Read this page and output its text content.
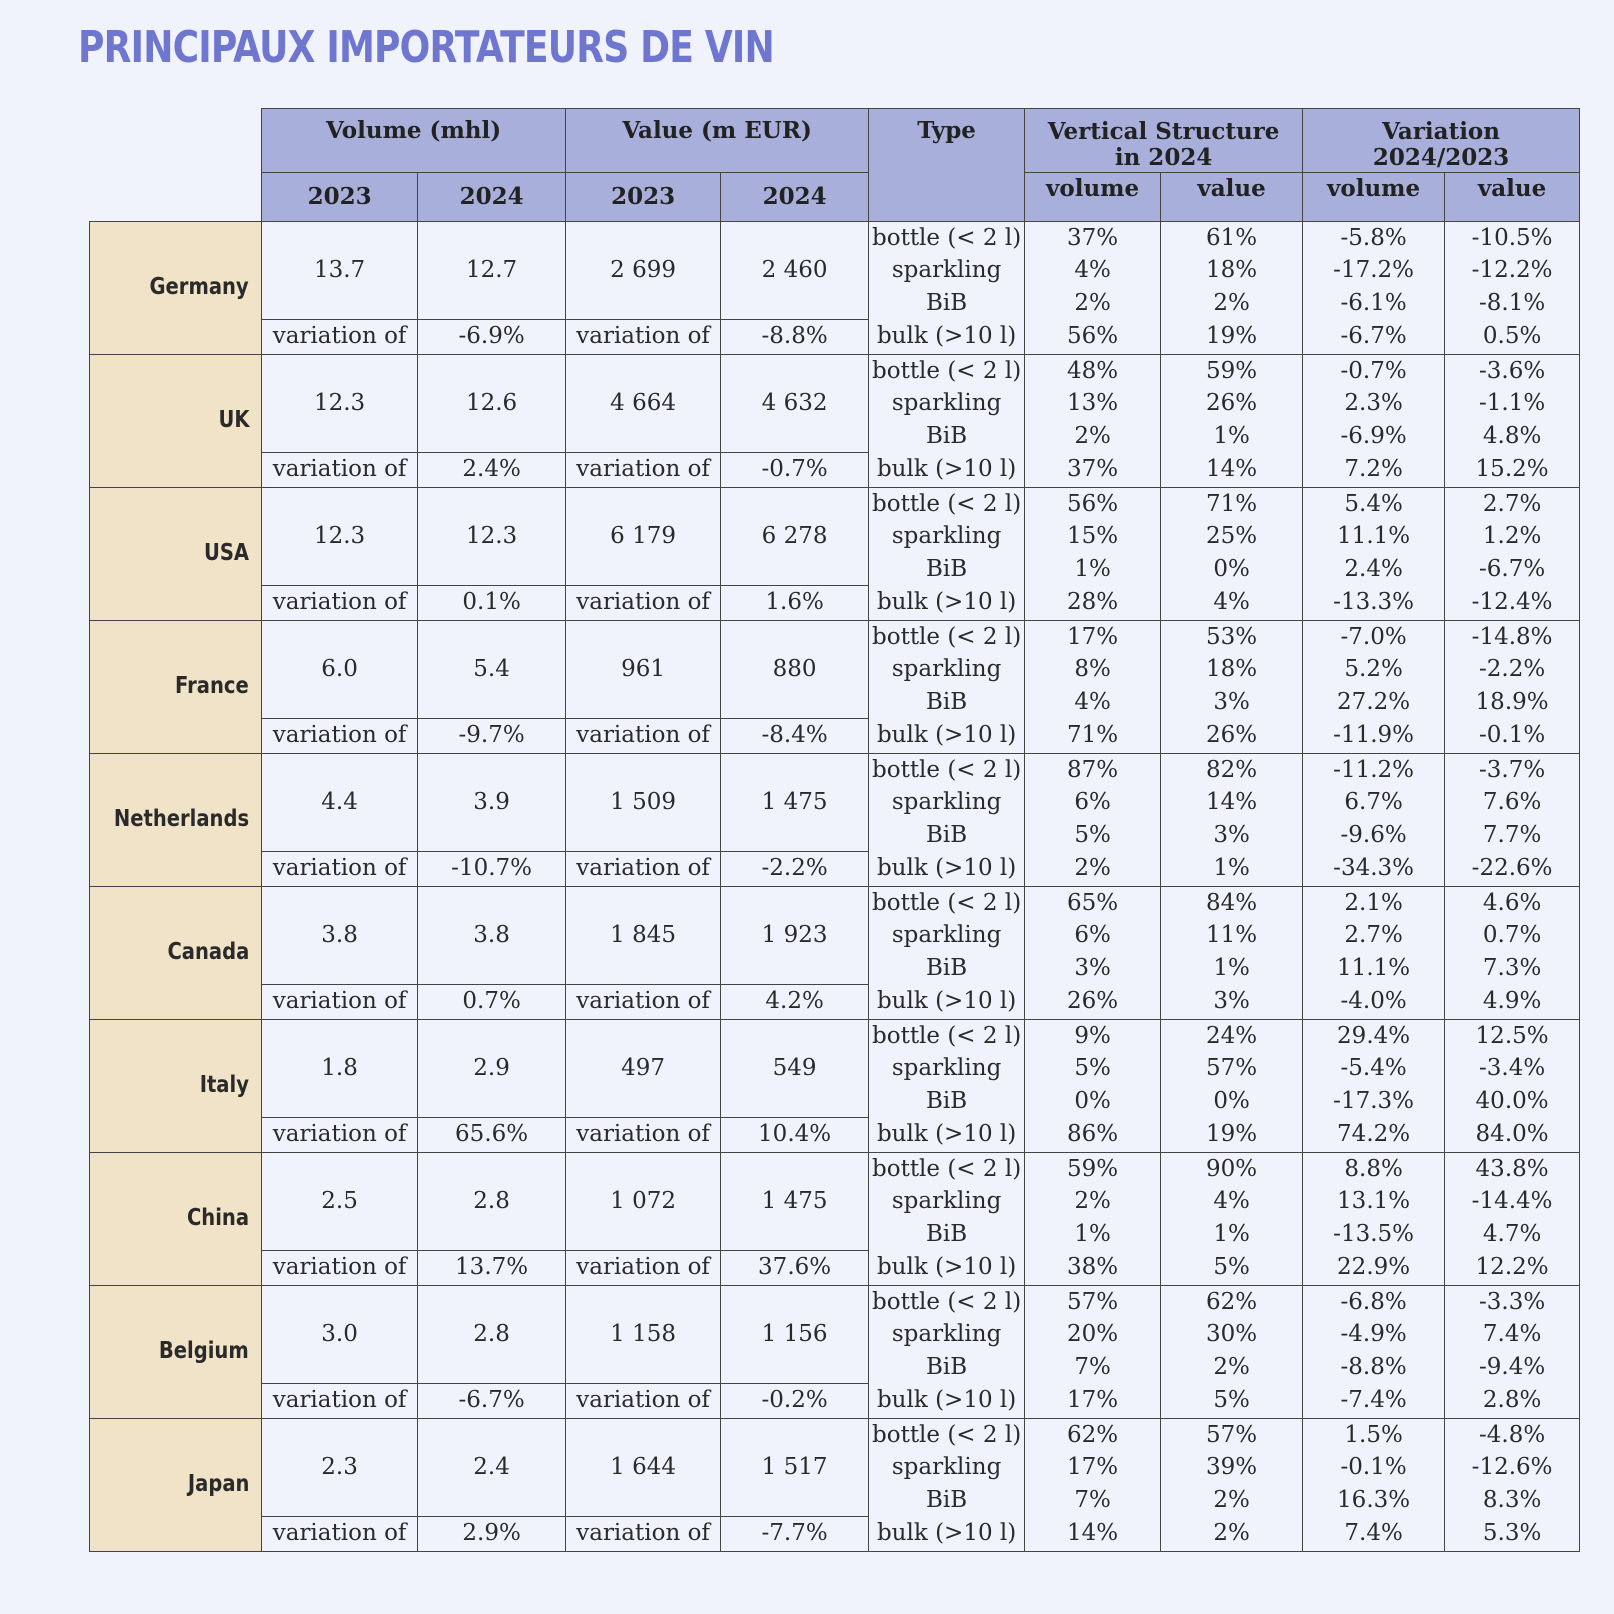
PRINCIPAUX IMPORTATEURS DE VIN
	Volume (mhl)		Value (m EUR)		Type	Vertical Structure in 2024		Variation 2024/2023	
	2023	2024	2023	2024		volume	value	volume	value
Germany	13.7	12.7	2 699	2 460	bottle (< 2 l)	37%	61%	-5.8%	-10.5%
					sparkling	4%	18%	-17.2%	-12.2%
					BiB	2%	2%	-6.1%	-8.1%
	variation of	-6.9%	variation of	-8.8%	bulk (>10 l)	56%	19%	-6.7%	0.5%
UK	12.3	12.6	4 664	4 632	bottle (< 2 l)	48%	59%	-0.7%	-3.6%
					sparkling	13%	26%	2.3%	-1.1%
					BiB	2%	1%	-6.9%	4.8%
	variation of	2.4%	variation of	-0.7%	bulk (>10 l)	37%	14%	7.2%	15.2%
USA	12.3	12.3	6 179	6 278	bottle (< 2 l)	56%	71%	5.4%	2.7%
					sparkling	15%	25%	11.1%	1.2%
					BiB	1%	0%	2.4%	-6.7%
	variation of	0.1%	variation of	1.6%	bulk (>10 l)	28%	4%	-13.3%	-12.4%
France	6.0	5.4	961	880	bottle (< 2 l)	17%	53%	-7.0%	-14.8%
					sparkling	8%	18%	5.2%	-2.2%
					BiB	4%	3%	27.2%	18.9%
	variation of	-9.7%	variation of	-8.4%	bulk (>10 l)	71%	26%	-11.9%	-0.1%
Netherlands	4.4	3.9	1 509	1 475	bottle (< 2 l)	87%	82%	-11.2%	-3.7%
					sparkling	6%	14%	6.7%	7.6%
					BiB	5%	3%	-9.6%	7.7%
	variation of	-10.7%	variation of	-2.2%	bulk (>10 l)	2%	1%	-34.3%	-22.6%
Canada	3.8	3.8	1 845	1 923	bottle (< 2 l)	65%	84%	2.1%	4.6%
					sparkling	6%	11%	2.7%	0.7%
					BiB	3%	1%	11.1%	7.3%
	variation of	0.7%	variation of	4.2%	bulk (>10 l)	26%	3%	-4.0%	4.9%
Italy	1.8	2.9	497	549	bottle (< 2 l)	9%	24%	29.4%	12.5%
					sparkling	5%	57%	-5.4%	-3.4%
					BiB	0%	0%	-17.3%	40.0%
	variation of	65.6%	variation of	10.4%	bulk (>10 l)	86%	19%	74.2%	84.0%
China	2.5	2.8	1 072	1 475	bottle (< 2 l)	59%	90%	8.8%	43.8%
					sparkling	2%	4%	13.1%	-14.4%
					BiB	1%	1%	-13.5%	4.7%
	variation of	13.7%	variation of	37.6%	bulk (>10 l)	38%	5%	22.9%	12.2%
Belgium	3.0	2.8	1 158	1 156	bottle (< 2 l)	57%	62%	-6.8%	-3.3%
					sparkling	20%	30%	-4.9%	7.4%
					BiB	7%	2%	-8.8%	-9.4%
	variation of	-6.7%	variation of	-0.2%	bulk (>10 l)	17%	5%	-7.4%	2.8%
Japan	2.3	2.4	1 644	1 517	bottle (< 2 l)	62%	57%	1.5%	-4.8%
					sparkling	17%	39%	-0.1%	-12.6%
					BiB	7%	2%	16.3%	8.3%
	variation of	2.9%	variation of	-7.7%	bulk (>10 l)	14%	2%	7.4%	5.3%
